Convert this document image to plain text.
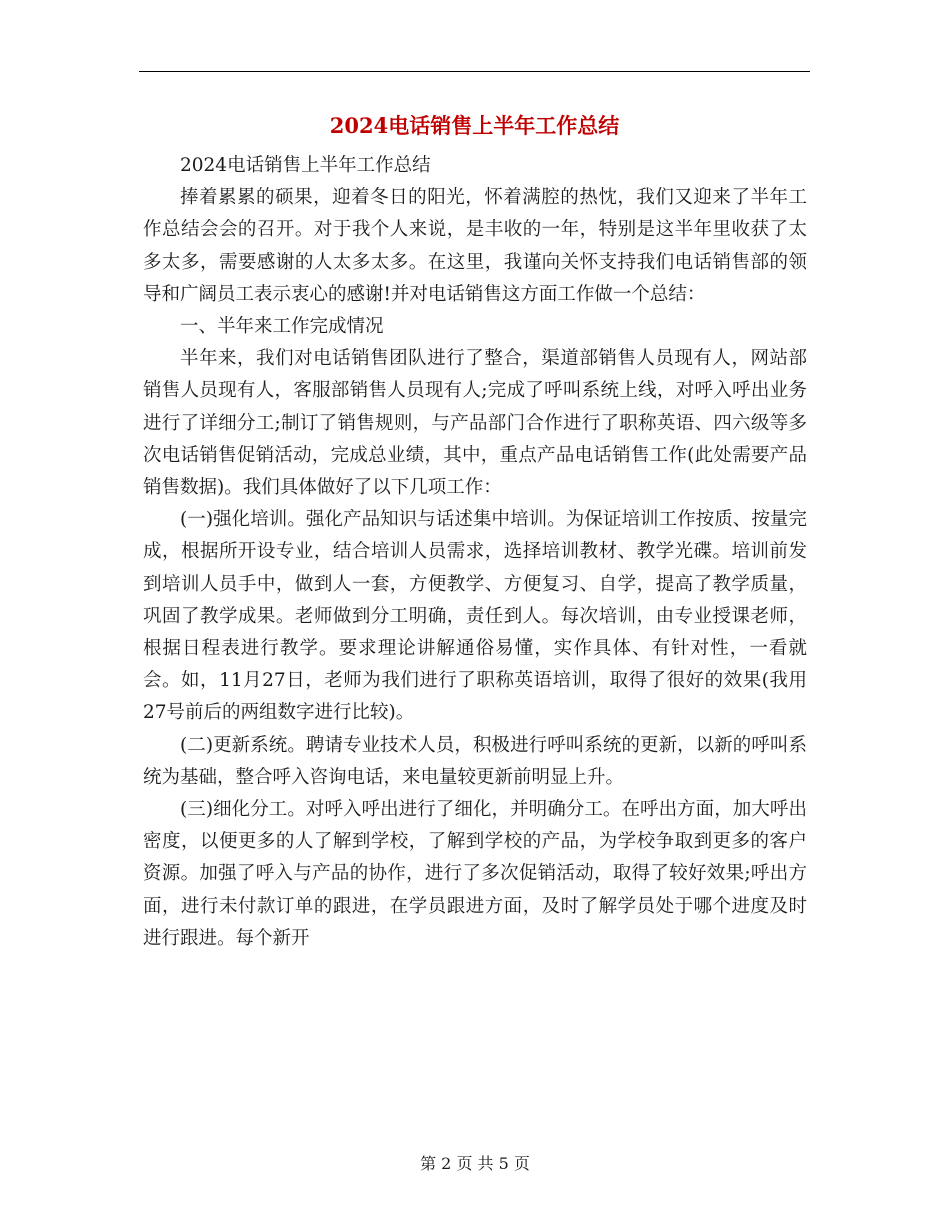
2024电话销售上半年工作总结

2024电话销售上半年工作总结

捧着累累的硕果，迎着冬日的阳光，怀着满腔的热忱，我们又迎来了半年工作总结会会的召开。对于我个人来说，是丰收的一年，特别是这半年里收获了太多太多，需要感谢的人太多太多。在这里，我谨向关怀支持我们电话销售部的领导和广阔员工表示衷心的感谢!并对电话销售这方面工作做一个总结：

一、半年来工作完成情况

半年来，我们对电话销售团队进行了整合，渠道部销售人员现有人，网站部销售人员现有人，客服部销售人员现有人;完成了呼叫系统上线，对呼入呼出业务进行了详细分工;制订了销售规则，与产品部门合作进行了职称英语、四六级等多次电话销售促销活动，完成总业绩，其中，重点产品电话销售工作(此处需要产品销售数据)。我们具体做好了以下几项工作：

(一)强化培训。强化产品知识与话述集中培训。为保证培训工作按质、按量完成，根据所开设专业，结合培训人员需求，选择培训教材、教学光碟。培训前发到培训人员手中，做到人一套，方便教学、方便复习、自学，提高了教学质量，巩固了教学成果。老师做到分工明确，责任到人。每次培训，由专业授课老师，根据日程表进行教学。要求理论讲解通俗易懂，实作具体、有针对性，一看就会。如，11月27日，老师为我们进行了职称英语培训，取得了很好的效果(我用27号前后的两组数字进行比较)。

(二)更新系统。聘请专业技术人员，积极进行呼叫系统的更新，以新的呼叫系统为基础，整合呼入咨询电话，来电量较更新前明显上升。

(三)细化分工。对呼入呼出进行了细化，并明确分工。在呼出方面，加大呼出密度，以便更多的人了解到学校，了解到学校的产品，为学校争取到更多的客户资源。加强了呼入与产品的协作，进行了多次促销活动，取得了较好效果;呼出方面，进行未付款订单的跟进，在学员跟进方面，及时了解学员处于哪个进度及时进行跟进。每个新开

第 2 页 共 5 页
